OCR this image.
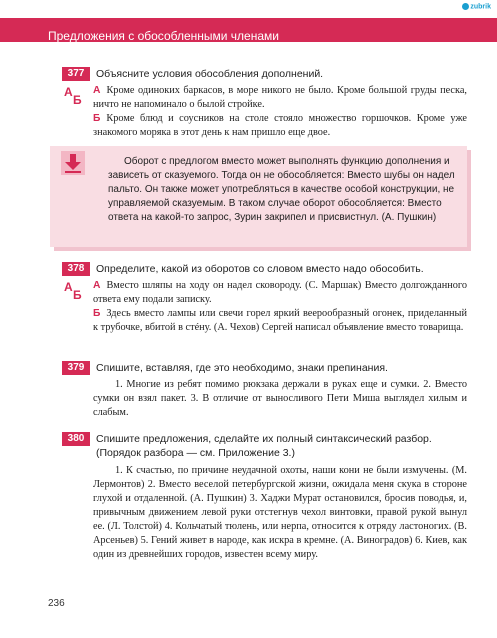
zubrik
Предложения с обособленными членами
377	Объясните условия обособления дополнений.
А
Б

А Кроме одиноких баркасов, в море никого не было. Кроме большой груды песка, ничто не напоминало о былой стройке.

Б Кроме блюд и соусников на столе стояло множество горшочков. Кроме уже знакомого моряка в этот день к нам пришло еще двое.

Оборот с предлогом вместо может выполнять функцию дополнения и зависеть от сказуемого. Тогда он не обособляется: Вместо шубы он надел пальто. Он также может употребляться в качестве особой конструкции, не управляемой сказуемым. В таком случае оборот обособляется: Вместо ответа на какой-то запрос, Зурин закрипел и присвистнул. (А. Пушкин)

378	Определите, какой из оборотов со словом вместо надо обособить.
А
Б

А Вместо шляпы на ходу он надел сковороду. (С. Маршак) Вместо долгожданного ответа ему подали записку.

Б Здесь вместо лампы или свечи горел яркий веерообразный огонек, приделанный к трубочке, вбитой в стéну. (А. Чехов) Сергей написал объявление вместо товарища.

379	Спишите, вставляя, где это необходимо, знаки препинания.
1. Многие из ребят помимо рюкзака держали в руках еще и сумки. 2. Вместо сумки он взял пакет. 3. В отличие от выносливого Пети Миша выглядел хилым и слабым.
380	Спишите предложения, сделайте их полный синтаксический разбор. (Порядок разбора — см. Приложение 3.)
1. К счастью, по причине неудачной охоты, наши кони не были измучены. (М. Лермонтов) 2. Вместо веселой петербургской жизни, ожидала меня скука в стороне глухой и отдаленной. (А. Пушкин) 3. Хаджи Мурат остановился, бросив поводья, и, привычным движением левой руки отстегнув чехол винтовки, правой рукой вынул ее. (Л. Толстой) 4. Кольчатый тюлень, или нерпа, относится к отряду ластоногих. (В. Арсеньев) 5. Гений живет в народе, как искра в кремне. (А. Виноградов) 6. Киев, как один из древнейших городов, известен всему миру.
236
